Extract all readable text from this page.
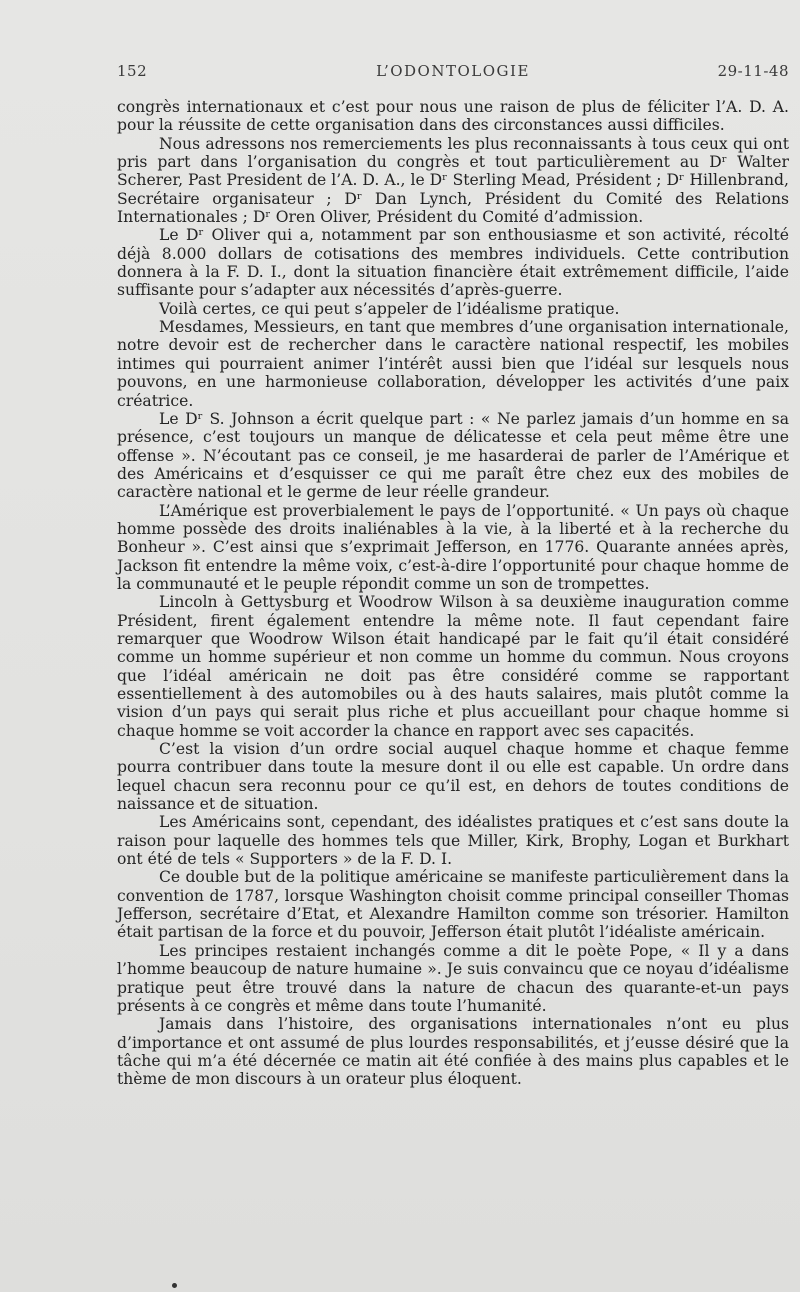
152	L’ODONTOLOGIE	29-11-48

congrès internationaux et c’est pour nous une raison de plus de féliciter l’A. D. A. pour la réussite de cette organisation dans des circonstances aussi difficiles.

Nous adressons nos remerciements les plus reconnaissants à tous ceux qui ont pris part dans l’organisation du congrès et tout particulièrement au Dʳ Walter Scherer, Past President de l’A. D. A., le Dʳ Sterling Mead, Président ; Dʳ Hillenbrand, Secrétaire organisateur ; Dʳ Dan Lynch, Président du Comité des Relations Internationales ; Dʳ Oren Oliver, Président du Comité d’admission.

Le Dʳ Oliver qui a, notamment par son enthousiasme et son activité, récolté déjà 8.000 dollars de cotisations des membres individuels. Cette contribution donnera à la F. D. I., dont la situation financière était extrêmement difficile, l’aide suffisante pour s’adapter aux nécessités d’après-guerre.

Voilà certes, ce qui peut s’appeler de l’idéalisme pratique.

Mesdames, Messieurs, en tant que membres d’une organisation internationale, notre devoir est de rechercher dans le caractère national respectif, les mobiles intimes qui pourraient animer l’intérêt aussi bien que l’idéal sur lesquels nous pouvons, en une harmonieuse collaboration, développer les activités d’une paix créatrice.

Le Dʳ S. Johnson a écrit quelque part : « Ne parlez jamais d’un homme en sa présence, c’est toujours un manque de délicatesse et cela peut même être une offense ». N’écoutant pas ce conseil, je me hasarderai de parler de l’Amérique et des Américains et d’esquisser ce qui me paraît être chez eux des mobiles de caractère national et le germe de leur réelle grandeur.

L’Amérique est proverbialement le pays de l’opportunité. « Un pays où chaque homme possède des droits inaliénables à la vie, à la liberté et à la recherche du Bonheur ». C’est ainsi que s’exprimait Jefferson, en 1776. Quarante années après, Jackson fit entendre la même voix, c’est-à-dire l’opportunité pour chaque homme de la communauté et le peuple répondit comme un son de trompettes.

Lincoln à Gettysburg et Woodrow Wilson à sa deuxième inauguration comme Président, firent également entendre la même note. Il faut cependant faire remarquer que Woodrow Wilson était handicapé par le fait qu’il était considéré comme un homme supérieur et non comme un homme du commun. Nous croyons que l’idéal américain ne doit pas être considéré comme se rapportant essentiellement à des automobiles ou à des hauts salaires, mais plutôt comme la vision d’un pays qui serait plus riche et plus accueillant pour chaque homme si chaque homme se voit accorder la chance en rapport avec ses capacités.

C’est la vision d’un ordre social auquel chaque homme et chaque femme pourra contribuer dans toute la mesure dont il ou elle est capable. Un ordre dans lequel chacun sera reconnu pour ce qu’il est, en dehors de toutes conditions de naissance et de situation.

Les Américains sont, cependant, des idéalistes pratiques et c’est sans doute la raison pour laquelle des hommes tels que Miller, Kirk, Brophy, Logan et Burkhart ont été de tels « Supporters » de la F. D. I.

Ce double but de la politique américaine se manifeste particulièrement dans la convention de 1787, lorsque Washington choisit comme principal conseiller Thomas Jefferson, secrétaire d’Etat, et Alexandre Hamilton comme son trésorier. Hamilton était partisan de la force et du pouvoir, Jefferson était plutôt l’idéaliste américain.

Les principes restaient inchangés comme a dit le poète Pope, « Il y a dans l’homme beaucoup de nature humaine ». Je suis convaincu que ce noyau d’idéalisme pratique peut être trouvé dans la nature de chacun des quarante-et-un pays présents à ce congrès et même dans toute l’humanité.

Jamais dans l’histoire, des organisations internationales n’ont eu plus d’importance et ont assumé de plus lourdes responsabilités, et j’eusse désiré que la tâche qui m’a été décernée ce matin ait été confiée à des mains plus capables et le thème de mon discours à un orateur plus éloquent.
